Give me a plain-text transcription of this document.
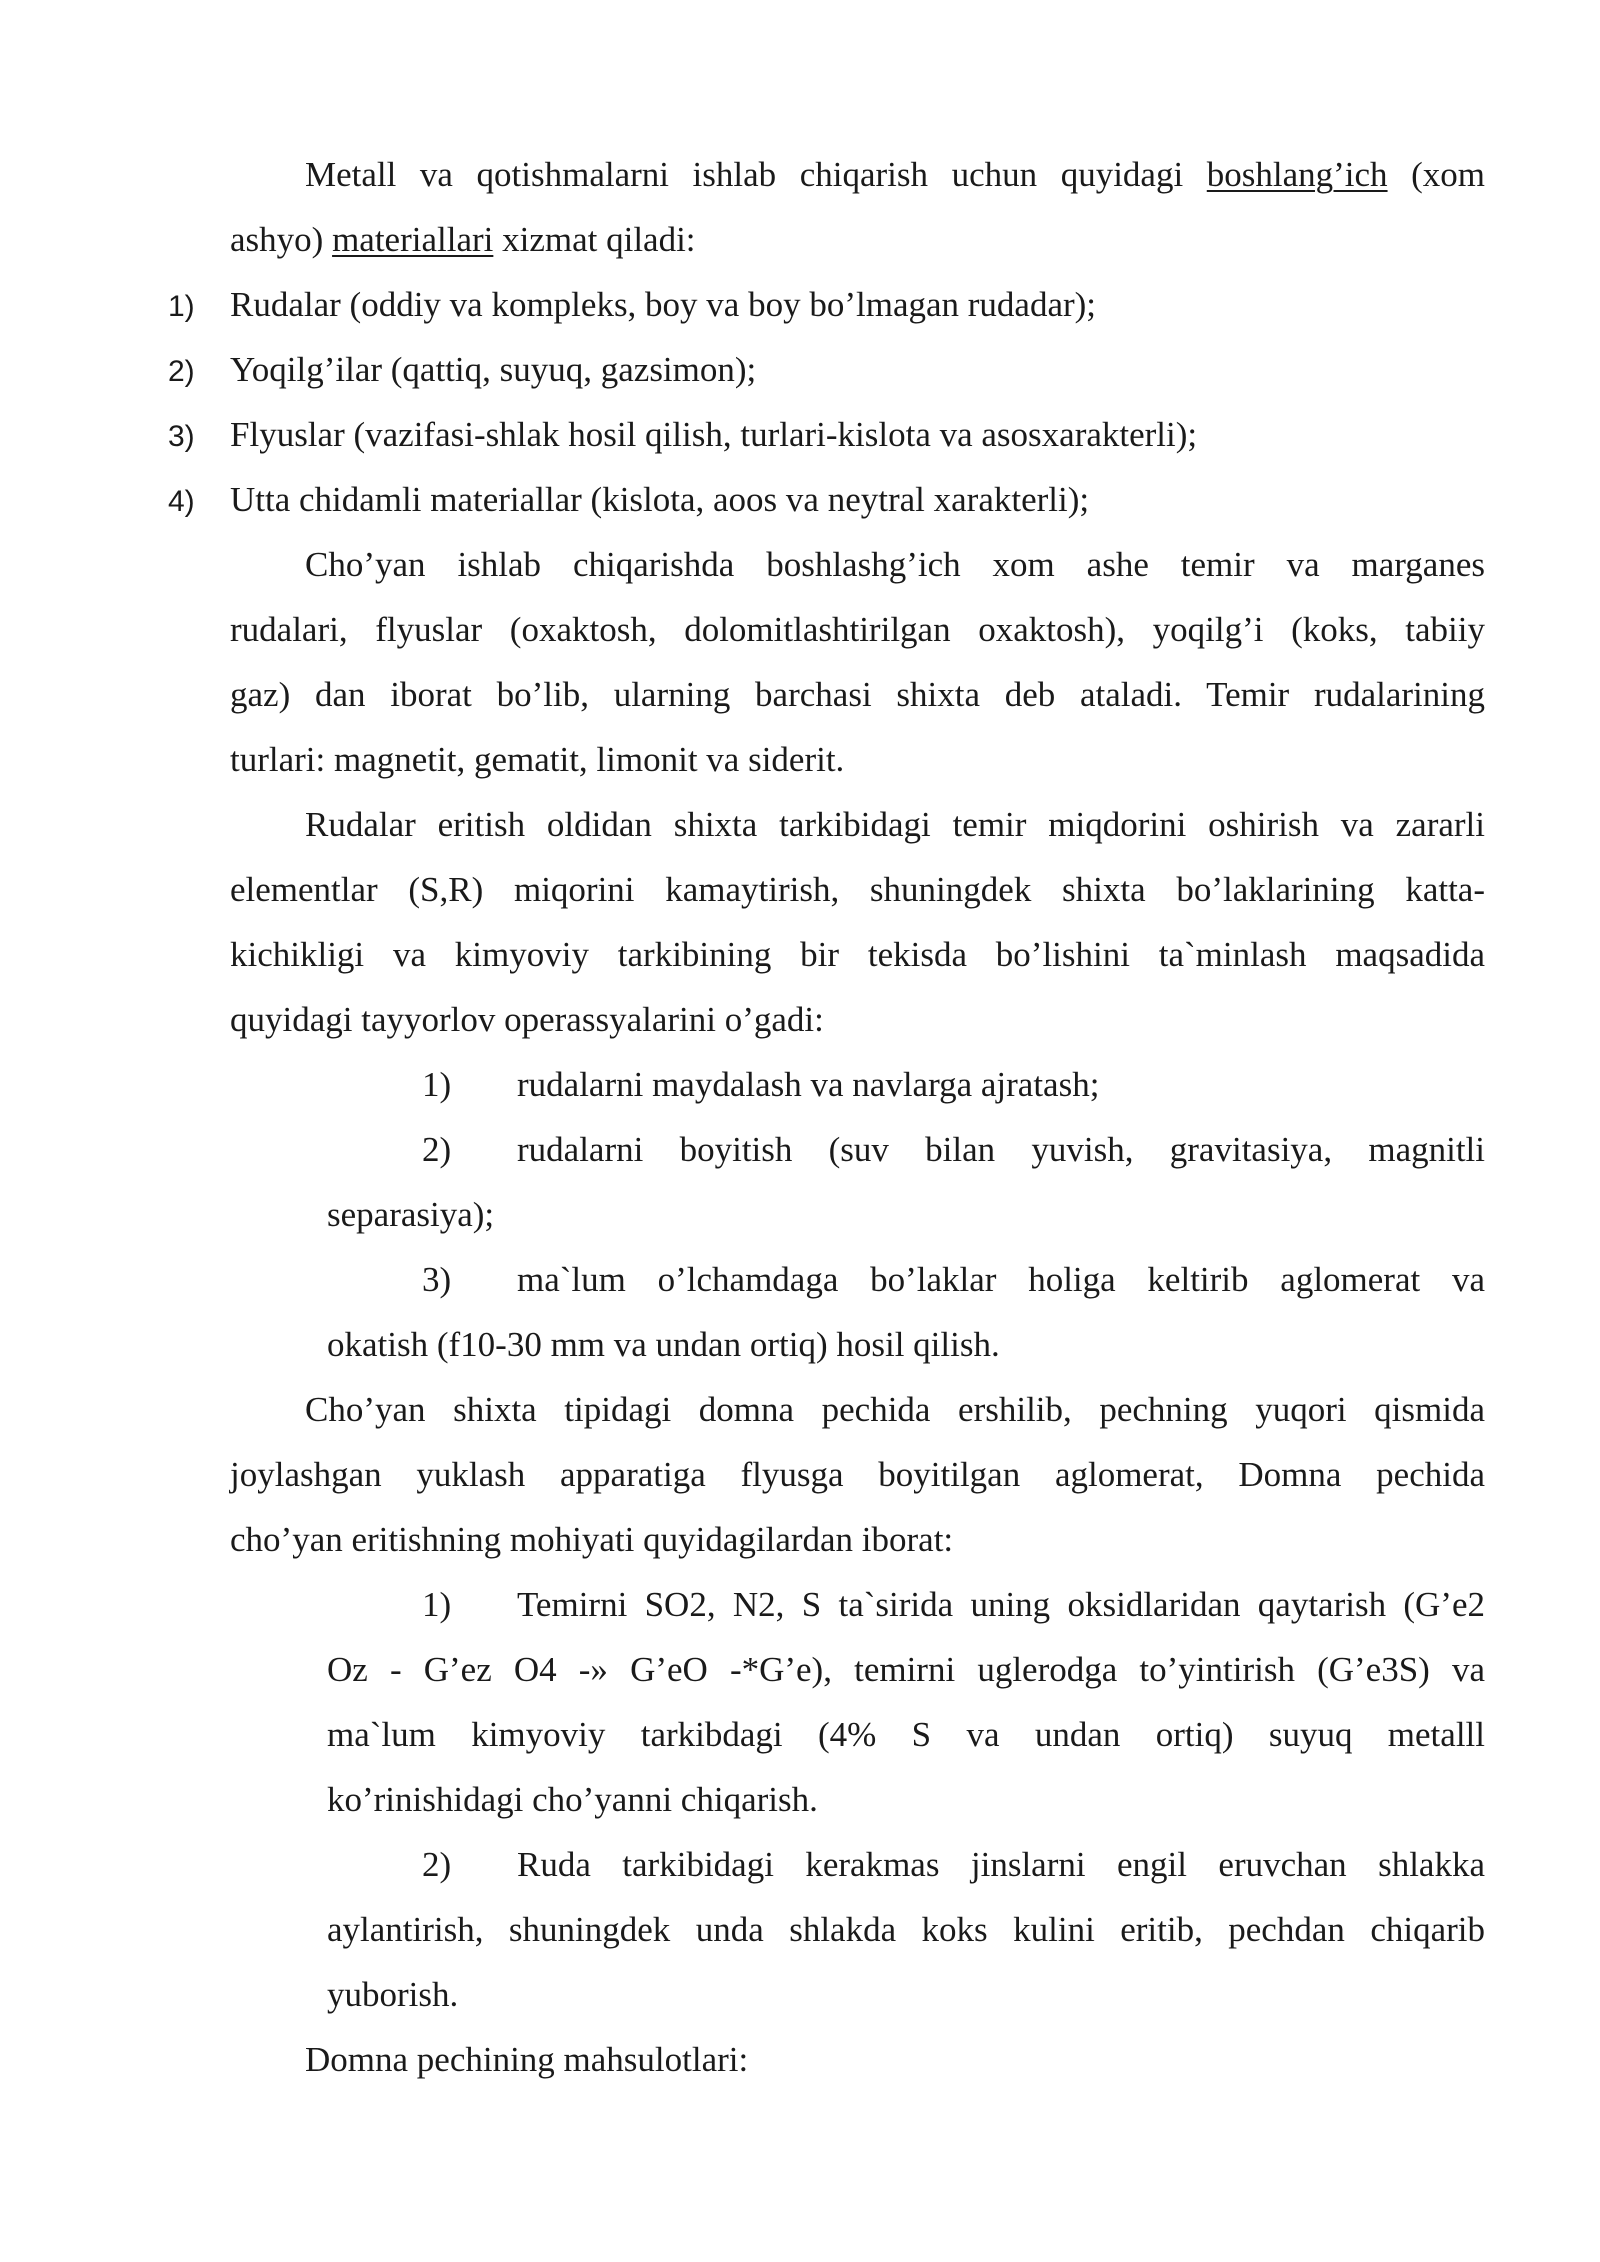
Metall va qotishmalarni ishlab chiqarish uchun quyidagi boshlang’ich (xom
ashyo) materiallari xizmat qiladi:
1) Rudalar (oddiy va kompleks, boy va boy bo’lmagan rudadar);
2) Yoqilg’ilar (qattiq, suyuq, gazsimon);
3) Flyuslar (vazifasi-shlak hosil qilish, turlari-kislota va asosxarakterli);
4) Utta chidamli materiallar (kislota, aoos va neytral xarakterli);
Cho’yan ishlab chiqarishda boshlashg’ich xom ashe temir va marganes
rudalari, flyuslar (oxaktosh, dolomitlashtirilgan oxaktosh), yoqilg’i (koks, tabiiy
gaz) dan iborat bo’lib, ularning barchasi shixta deb ataladi. Temir rudalarining
turlari: magnetit, gematit, limonit va siderit.
Rudalar eritish oldidan shixta tarkibidagi temir miqdorini oshirish va zararli
elementlar (S,R) miqorini kamaytirish, shuningdek shixta bo’laklarining katta-
kichikligi va kimyoviy tarkibining bir tekisda bo’lishini ta`minlash maqsadida
quyidagi tayyorlov operassyalarini o’gadi:
1) rudalarni maydalash va navlarga ajratash;
2) rudalarni boyitish (suv bilan yuvish, gravitasiya, magnitli
separasiya);
3) ma`lum o’lchamdaga bo’laklar holiga keltirib aglomerat va
okatish (f10-30 mm va undan ortiq) hosil qilish.
Cho’yan shixta tipidagi domna pechida ershilib, pechning yuqori qismida
joylashgan yuklash apparatiga flyusga boyitilgan aglomerat, Domna pechida
cho’yan eritishning mohiyati quyidagilardan iborat:
1) Temirni SO2, N2, S ta`sirida uning oksidlaridan qaytarish (G’e2
Oz - G’ez O4 -» G’eO -*G’e), temirni uglerodga to’yintirish (G’e3S) va
ma`lum kimyoviy tarkibdagi (4% S va undan ortiq) suyuq metalll
ko’rinishidagi cho’yanni chiqarish.
2) Ruda tarkibidagi kerakmas jinslarni engil eruvchan shlakka
aylantirish, shuningdek unda shlakda koks kulini eritib, pechdan chiqarib
yuborish.
Domna pechining mahsulotlari:
